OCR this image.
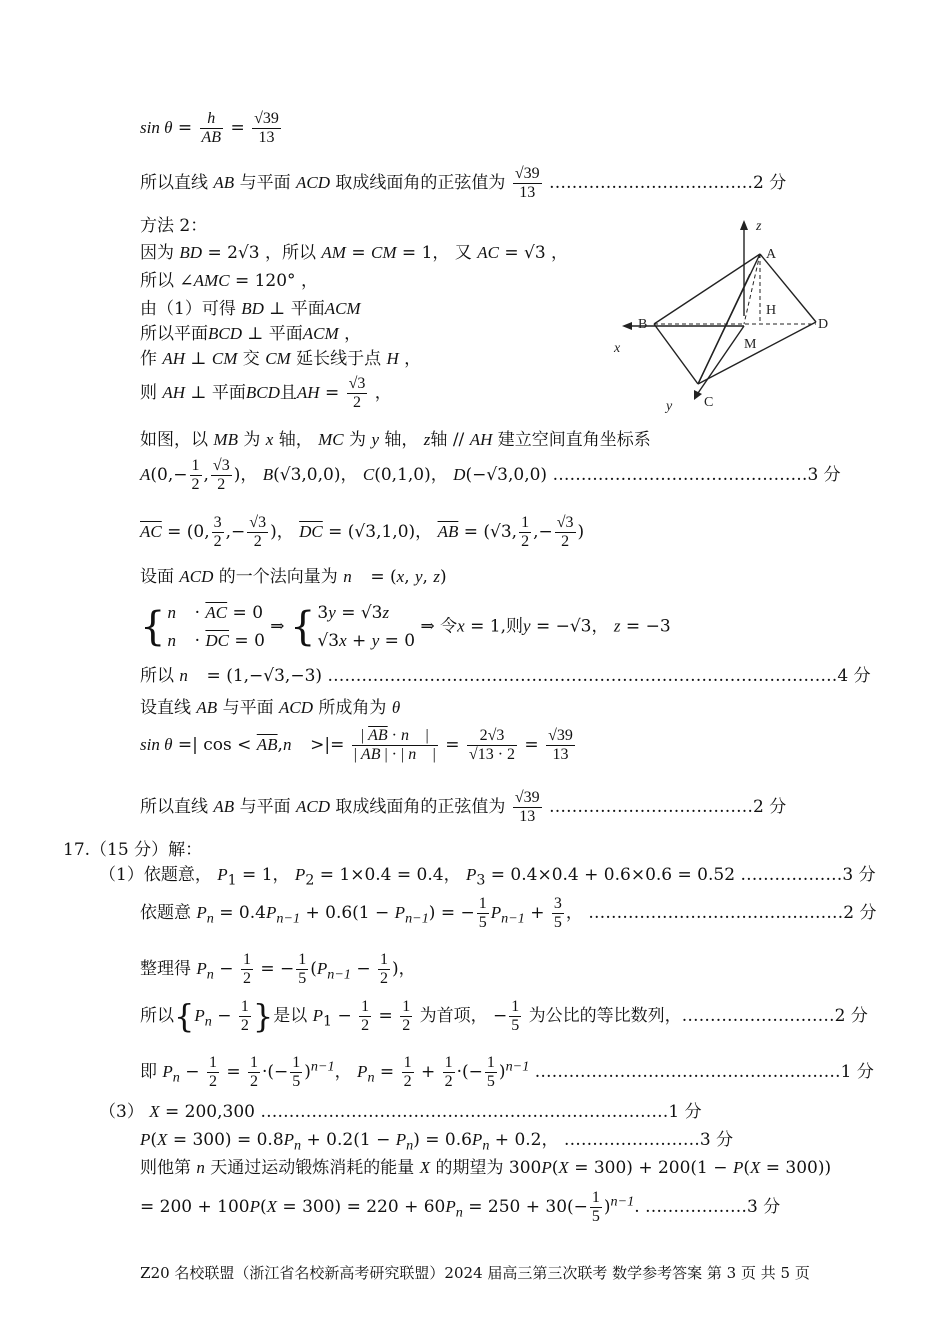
$\sin \theta = \frac{h}{AB} = \frac{√39}{13}$
所以直线 AB 与平面 ACD 取成线面角的正弦值为 $\frac{√39}{13}$ ………………………………2 分
方法 2：
因为 BD = 2√3 ，所以 AM = CM = 1， 又 AC = √3 ，
所以 ∠AMC = 120° ，
由（1）可得 BD ⊥ 平面ACM
所以平面BCD ⊥ 平面ACM ，
作 AH ⊥ CM 交 CM 延长线于点 H ，
则 AH ⊥ 平面BCD且AH = $\frac{√3}{2}$ ，
如图，以 MB 为 x 轴， MC 为 y 轴， z轴 // AH 建立空间直角坐标系
$A(0,- \frac{1}{2}$ , $\frac{√3}{2}$ )， B(√3,0,0)， C(0,1,0)， D(−√3,0,0) ………………………………………3 分
$\overline{AC} = (0$, $\frac{3}{2}$ ,− $\frac{√3}{2}$ )， $\overline{DC} = (√3,1,0)$， $\overline{AB} = (√3$, $\frac{1}{2}$ ,− $\frac{√3}{2}$ )
设面 ACD 的一个法向量为 n⃗ = (x, y, z)
{ n⃗ · $\overline{AC} = 0$
n⃗ · $\overline{DC} = 0$ ⇒ { 3y = √3z
√3x + y = 0 ⇒ 令x = 1,则y = −√3， z = −3
所以 n⃗ = (1,−√3,−3) ………………………………………………………………………………4 分
设直线 AB 与平面 ACD 所成角为 θ
sin θ =| $\cos < \overline{AB},n⃗$ >|= $\frac{| \overline{AB} \cdot n⃗ |}{| \overline{AB} | \cdot | n⃗ |} = \frac{2√3}{√13 \cdot 2} = \frac{√39}{13}$
所以直线 AB 与平面 ACD 取成线面角的正弦值为 $\frac{√39}{13}$ ………………………………2 分
17.（15 分）解：
（1）依题意， $P_1 = 1$， $P_2 = 1\times 0.4 = 0.4$， $P_3 = 0.4\times 0.4 + 0.6\times 0.6 = 0.52$ ………………3 分
依题意 $P_n = 0.4P_{n-1} + 0.6(1 - P_{n-1})$ = − $\frac{1}{5} P_{n-1} + \frac{3}{5}$ ， ………………………………………2 分
整理得 $P_n - \frac{1}{2}$ = − $\frac{1}{5} (P_{n-1} - \frac{1}{2}$ )，
所以{$P_n - \frac{1}{2}$ }是以 $P_1 - \frac{1}{2} = \frac{1}{2}$ 为首项， − $\frac{1}{5}$ 为公比的等比数列，………………………2 分
即 $P_n - \frac{1}{2} = \frac{1}{2}$ ·(− $\frac{1}{5} )^{n-1}$， $P_n = \frac{1}{2} + \frac{1}{2}$ ·(− $\frac{1}{5} )^{n-1}$ ………………………………………………1 分
（3） X = 200,300 ………………………………………………………………1 分
$P(X = 300) = 0.8P_n + 0.2(1 - P_n) = 0.6P_n + 0.2$， ……………………3 分
则他第 n 天通过运动锻炼消耗的能量 X 的期望为 300P(X = 300) + 200(1 − P(X = 300))
= $200 + 100P(X = 300) = 220 + 60P_n = 250 + 30(- \frac{1}{5} )^{n-1}$. ………………3 分
z
A
B
H
D
M
x
y C
Z20 名校联盟（浙江省名校新高考研究联盟）2024 届高三第三次联考 数学参考答案 第 3 页 共 5 页
